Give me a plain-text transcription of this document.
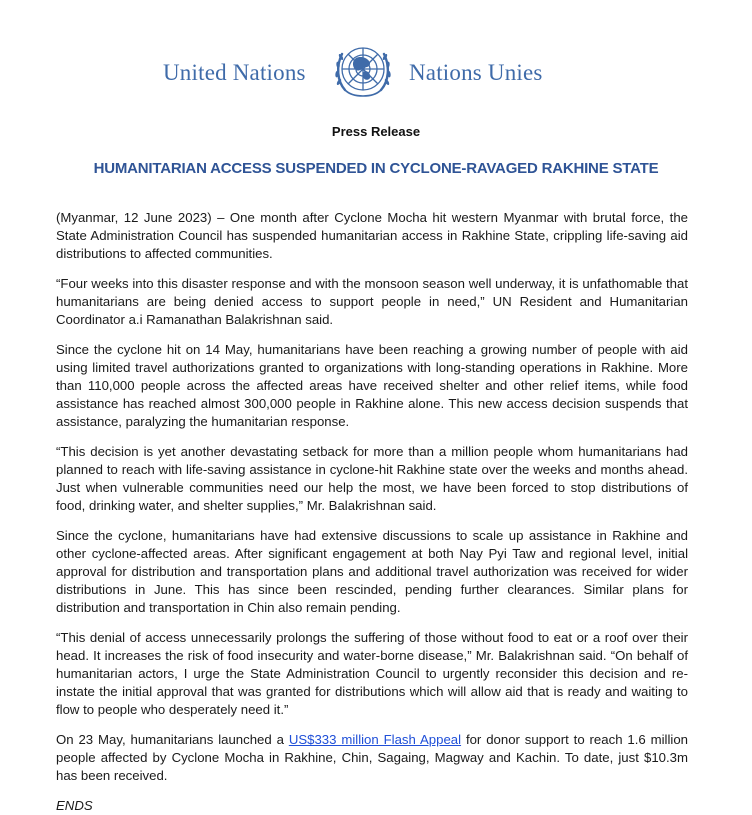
United Nations	Nations Unies
Press Release
HUMANITARIAN ACCESS SUSPENDED IN CYCLONE-RAVAGED RAKHINE STATE

(Myanmar, 12 June 2023) – One month after Cyclone Mocha hit western Myanmar with brutal force, the State Administration Council has suspended humanitarian access in Rakhine State, crippling life-saving aid distributions to affected communities.

“Four weeks into this disaster response and with the monsoon season well underway, it is unfathomable that humanitarians are being denied access to support people in need,” UN Resident and Humanitarian Coordinator a.i Ramanathan Balakrishnan said.

Since the cyclone hit on 14 May, humanitarians have been reaching a growing number of people with aid using limited travel authorizations granted to organizations with long-standing operations in Rakhine. More than 110,000 people across the affected areas have received shelter and other relief items, while food assistance has reached almost 300,000 people in Rakhine alone. This new access decision suspends that assistance, paralyzing the humanitarian response.

“This decision is yet another devastating setback for more than a million people whom humanitarians had planned to reach with life-saving assistance in cyclone-hit Rakhine state over the weeks and months ahead. Just when vulnerable communities need our help the most, we have been forced to stop distributions of food, drinking water, and shelter supplies,” Mr. Balakrishnan said.

Since the cyclone, humanitarians have had extensive discussions to scale up assistance in Rakhine and other cyclone-affected areas. After significant engagement at both Nay Pyi Taw and regional level, initial approval for distribution and transportation plans and additional travel authorization was received for wider distributions in June. This has since been rescinded, pending further clearances. Similar plans for distribution and transportation in Chin also remain pending.

“This denial of access unnecessarily prolongs the suffering of those without food to eat or a roof over their head. It increases the risk of food insecurity and water-borne disease,” Mr. Balakrishnan said. “On behalf of humanitarian actors, I urge the State Administration Council to urgently reconsider this decision and re-instate the initial approval that was granted for distributions which will allow aid that is ready and waiting to flow to people who desperately need it.”

On 23 May, humanitarians launched a US$333 million Flash Appeal for donor support to reach 1.6 million people affected by Cyclone Mocha in Rakhine, Chin, Sagaing, Magway and Kachin. To date, just $10.3m has been received.

ENDS
